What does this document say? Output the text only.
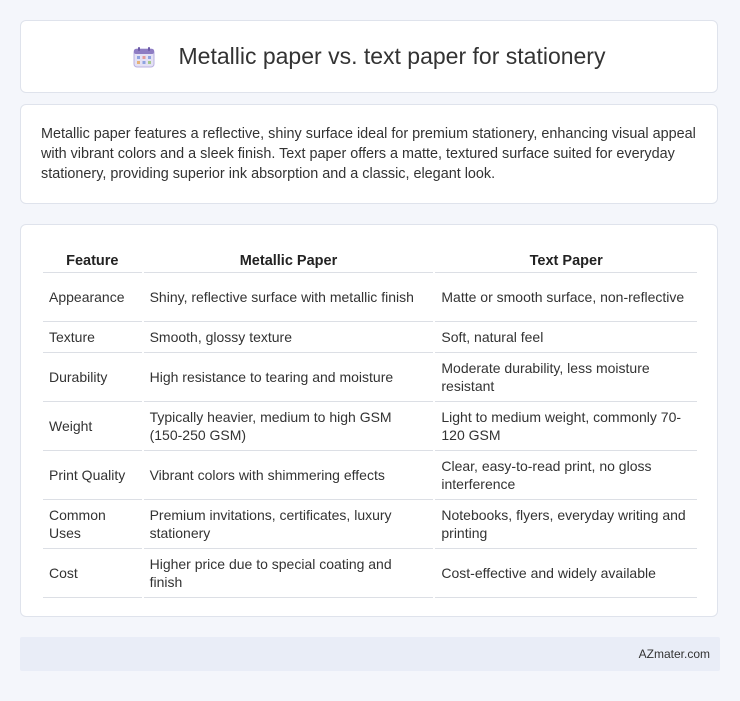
Metallic paper vs. text paper for stationery

Metallic paper features a reflective, shiny surface ideal for premium stationery, enhancing visual appeal with vibrant colors and a sleek finish. Text paper offers a matte, textured surface suited for everyday stationery, providing superior ink absorption and a classic, elegant look.

Feature	Metallic Paper	Text Paper
Appearance	Shiny, reflective surface with metallic finish	Matte or smooth surface, non-reflective
Texture	Smooth, glossy texture	Soft, natural feel
Durability	High resistance to tearing and moisture	Moderate durability, less moisture resistant
Weight	Typically heavier, medium to high GSM (150-250 GSM)	Light to medium weight, commonly 70-120 GSM
Print Quality	Vibrant colors with shimmering effects	Clear, easy-to-read print, no gloss interference
Common Uses	Premium invitations, certificates, luxury stationery	Notebooks, flyers, everyday writing and printing
Cost	Higher price due to special coating and finish	Cost-effective and widely available
AZmater.com
